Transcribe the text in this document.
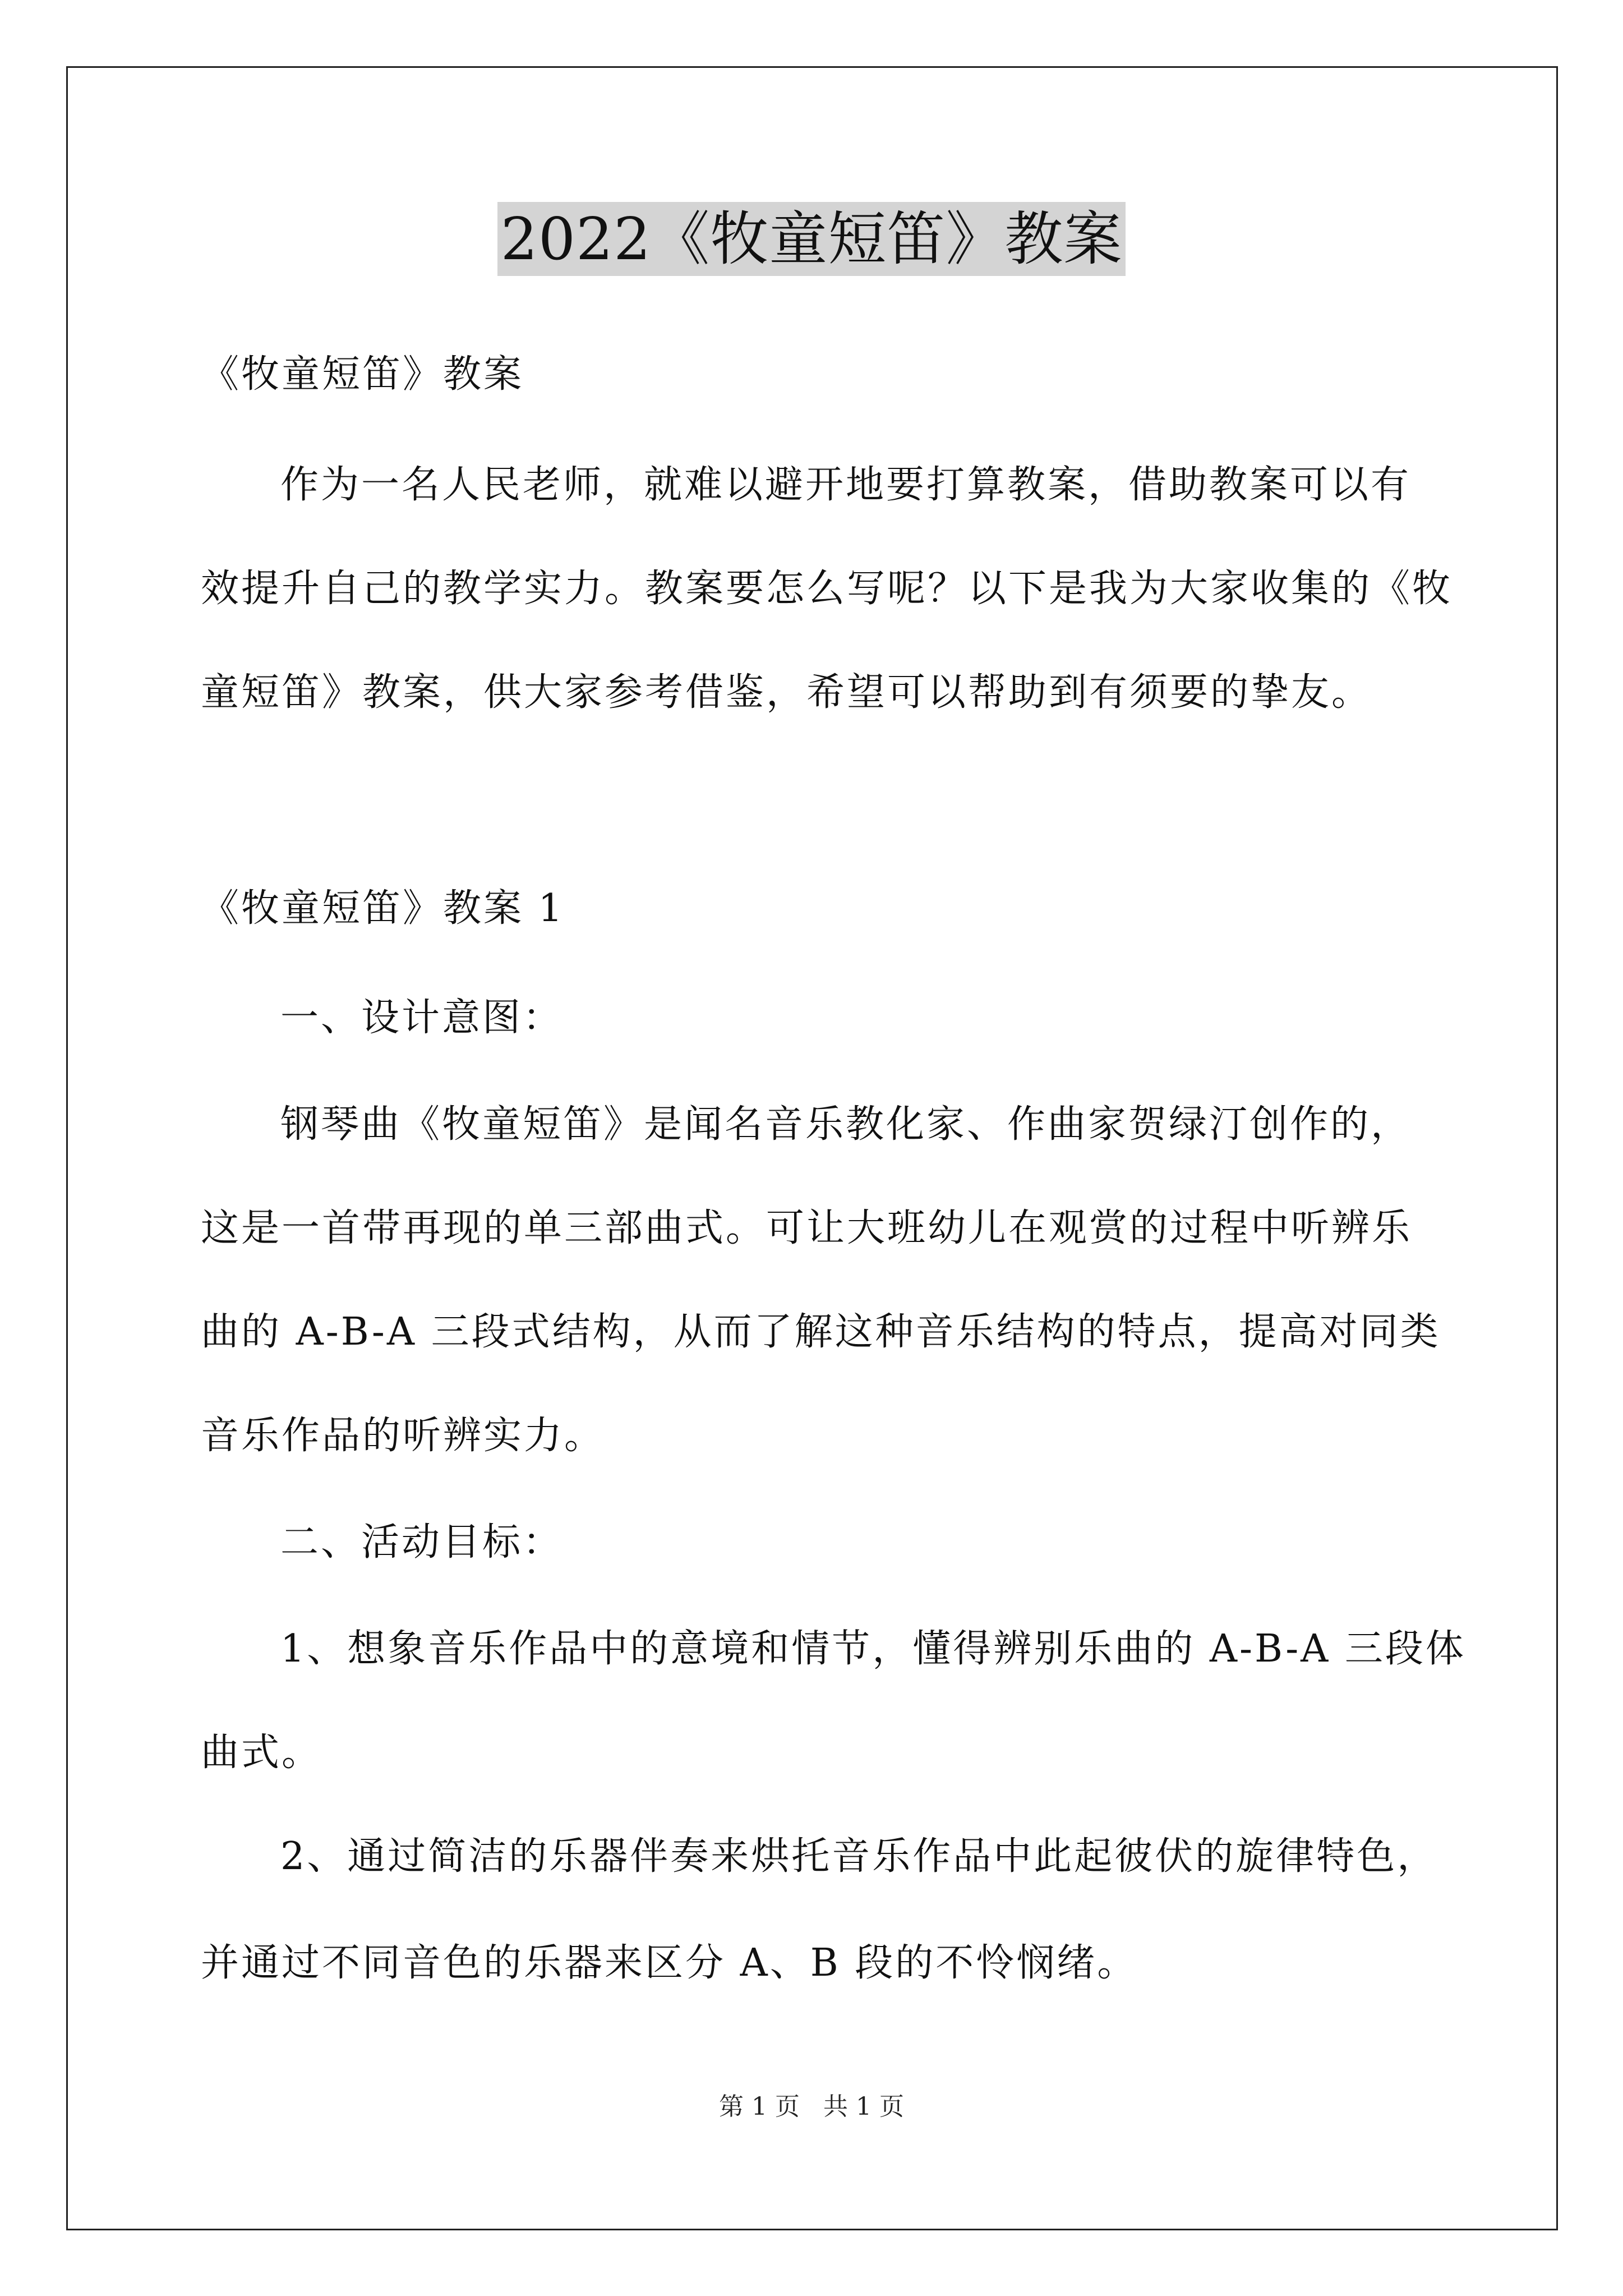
2022《牧童短笛》教案
《牧童短笛》教案
作为一名人民老师，就难以避开地要打算教案，借助教案可以有
效提升自己的教学实力。教案要怎么写呢？以下是我为大家收集的《牧
童短笛》教案，供大家参考借鉴，希望可以帮助到有须要的挚友。
《牧童短笛》教案 1
一、设计意图：
钢琴曲《牧童短笛》是闻名音乐教化家、作曲家贺绿汀创作的，
这是一首带再现的单三部曲式。可让大班幼儿在观赏的过程中听辨乐
曲的 A-B-A 三段式结构，从而了解这种音乐结构的特点，提高对同类
音乐作品的听辨实力。
二、活动目标：
1、想象音乐作品中的意境和情节，懂得辨别乐曲的 A-B-A 三段体
曲式。
2、通过简洁的乐器伴奏来烘托音乐作品中此起彼伏的旋律特色，
并通过不同音色的乐器来区分 A、B 段的不怜悯绪。
第 1 页 共 1 页
